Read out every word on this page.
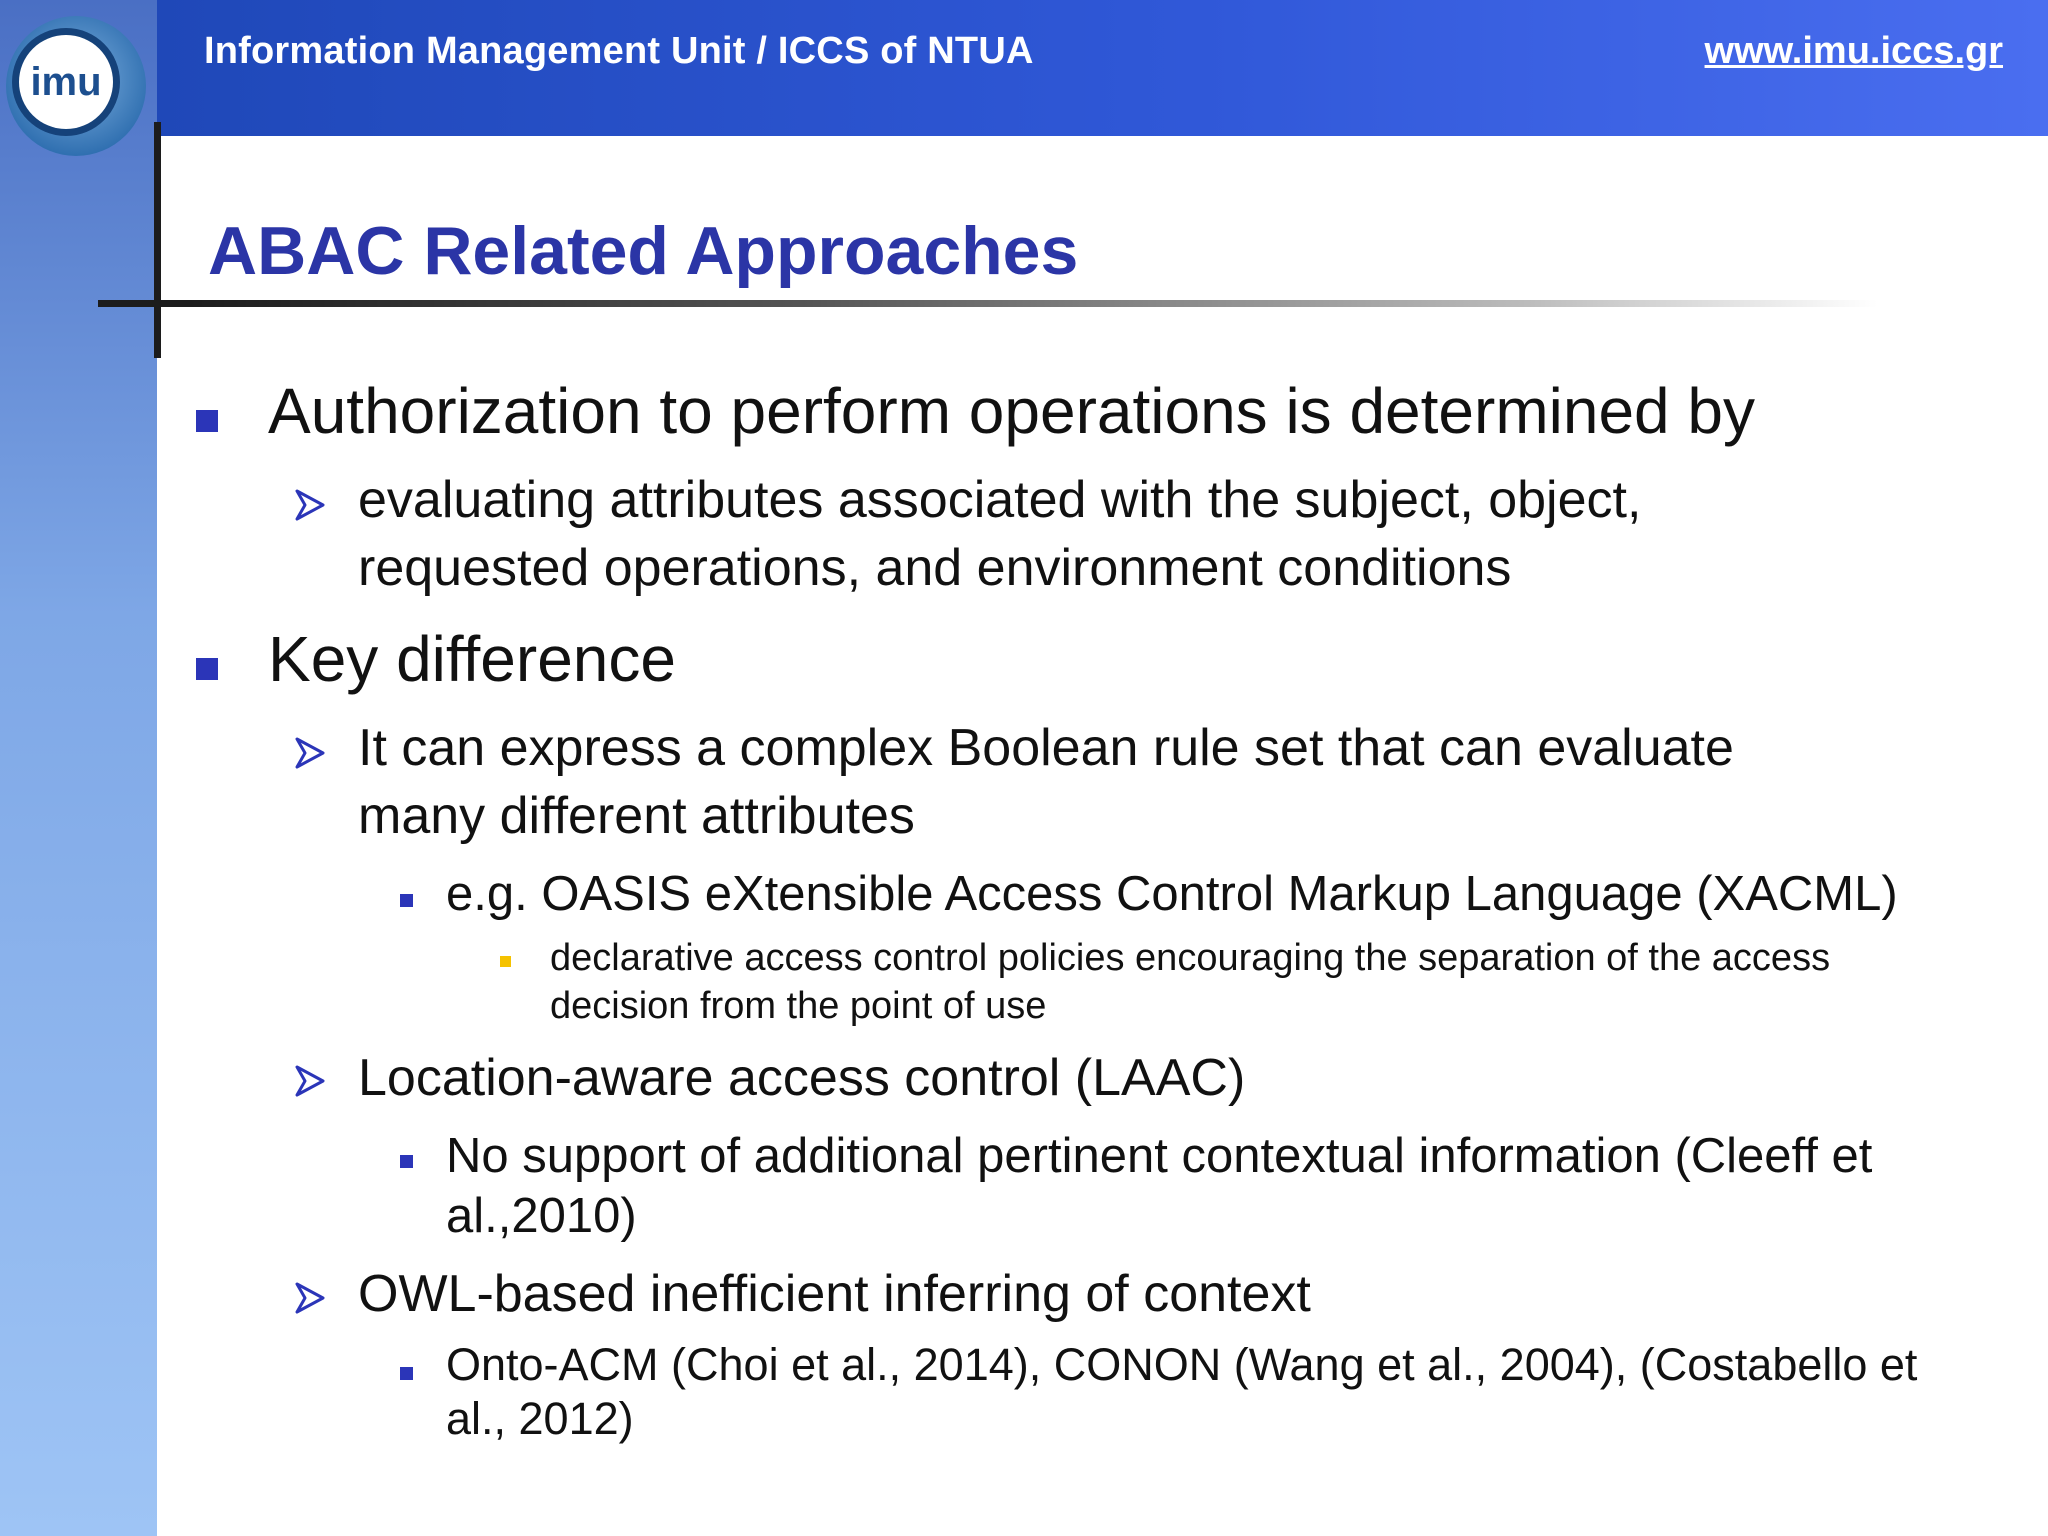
Information Management Unit / ICCS of NTUA	www.imu.iccs.gr
imu
ABAC Related Approaches
Authorization to perform operations is determined by
evaluating attributes associated with the subject, object,
requested operations, and environment conditions
Key difference
It can express a complex Boolean rule set that can evaluate
many different attributes
e.g. OASIS eXtensible Access Control Markup Language (XACML)
declarative access control policies encouraging the separation of the access
decision from the point of use
Location-aware access control (LAAC)
No support of additional pertinent contextual information (Cleeff et
al.,2010)
OWL-based inefficient inferring of context
Onto-ACM (Choi et al., 2014), CONON (Wang et al., 2004), (Costabello et
al., 2012)
